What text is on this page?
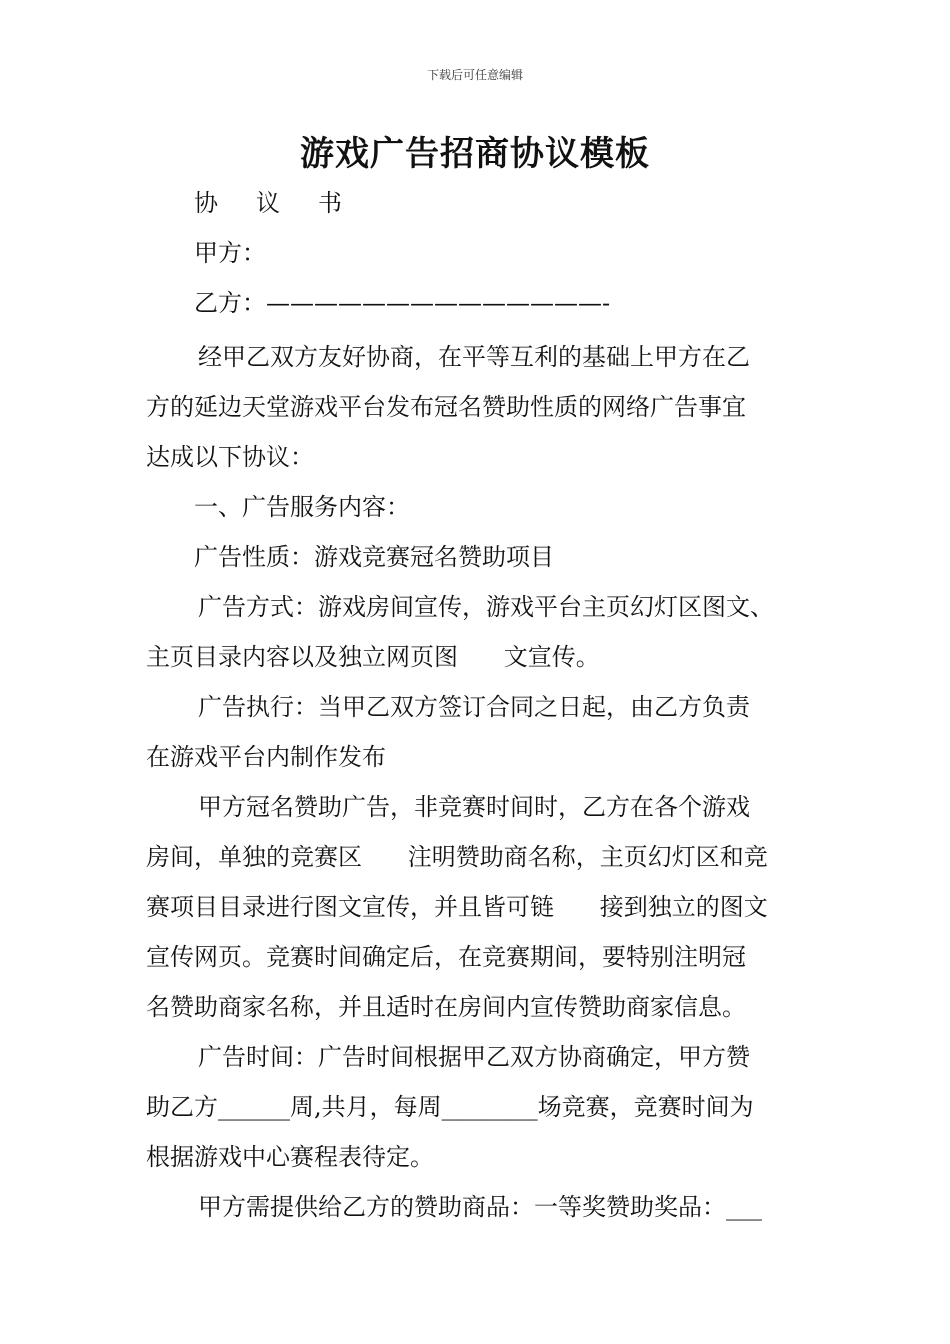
下载后可任意编辑
游戏广告招商协议模板

协议书

甲方：

乙方：——————————————-

经甲乙双方友好协商，在平等互利的基础上甲方在乙

方的延边天堂游戏平台发布冠名赞助性质的网络广告事宜

达成以下协议：

一、广告服务内容：

广告性质：游戏竞赛冠名赞助项目

广告方式：游戏房间宣传，游戏平台主页幻灯区图文、

主页目录内容以及独立网页图      文宣传。

广告执行：当甲乙双方签订合同之日起，由乙方负责

在游戏平台内制作发布

甲方冠名赞助广告，非竞赛时间时，乙方在各个游戏

房间，单独的竞赛区      注明赞助商名称，主页幻灯区和竞

赛项目目录进行图文宣传，并且皆可链      接到独立的图文

宣传网页。竞赛时间确定后，在竞赛期间，要特别注明冠

名赞助商家名称，并且适时在房间内宣传赞助商家信息。

广告时间：广告时间根据甲乙双方协商确定，甲方赞

助乙方______周,共月，每周________场竞赛，竞赛时间为

根据游戏中心赛程表待定。

甲方需提供给乙方的赞助商品：一等奖赞助奖品：___
